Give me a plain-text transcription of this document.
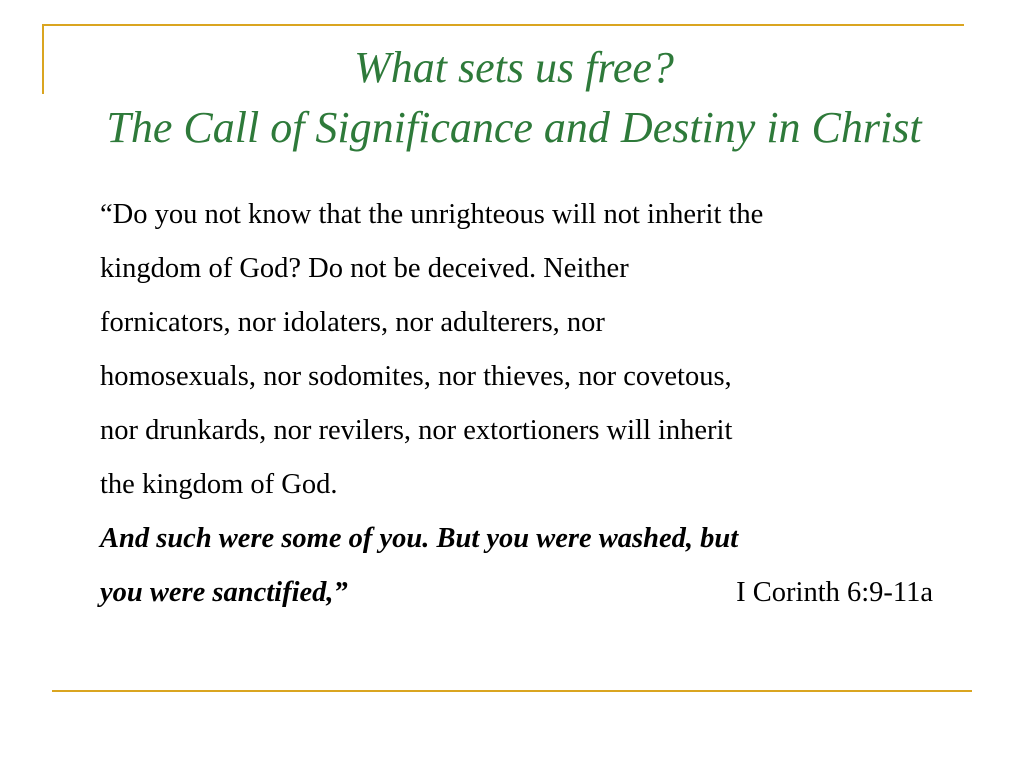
What sets us free?
The Call of Significance and Destiny in Christ
“Do you not know that the unrighteous will not inherit the
kingdom of God? Do not be deceived. Neither
fornicators, nor idolaters, nor adulterers, nor
homosexuals, nor sodomites, nor thieves, nor covetous,
nor drunkards, nor revilers, nor extortioners will inherit
the kingdom of God.
And such were some of you. But you were washed, but
you were sanctified,”	I Corinth 6:9-11a
